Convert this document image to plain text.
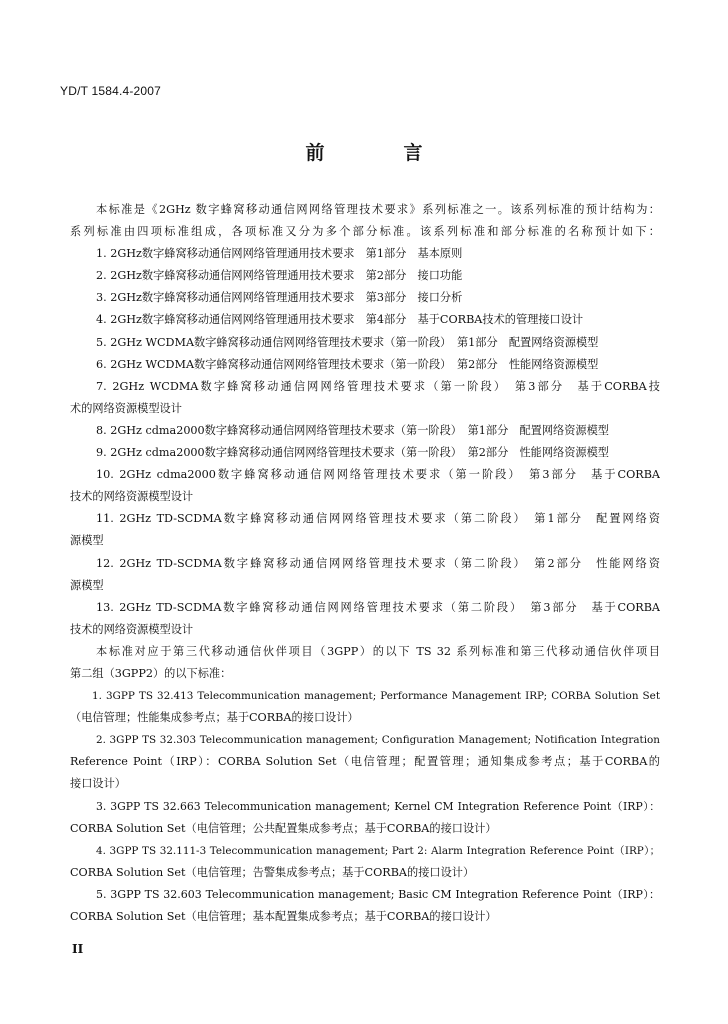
YD/T 1584.4-2007
前　言
本标准是《2GHz 数字蜂窝移动通信网网络管理技术要求》系列标准之一。该系列标准的预计结构为：
系列标准由四项标准组成，各项标准又分为多个部分标准。该系列标准和部分标准的名称预计如下：
1. 2GHz数字蜂窝移动通信网网络管理通用技术要求　第1部分　基本原则
2. 2GHz数字蜂窝移动通信网网络管理通用技术要求　第2部分　接口功能
3. 2GHz数字蜂窝移动通信网网络管理通用技术要求　第3部分　接口分析
4. 2GHz数字蜂窝移动通信网网络管理通用技术要求　第4部分　基于CORBA技术的管理接口设计
5. 2GHz WCDMA数字蜂窝移动通信网网络管理技术要求（第一阶段）　第1部分　配置网络资源模型
6. 2GHz WCDMA数字蜂窝移动通信网网络管理技术要求（第一阶段）　第2部分　性能网络资源模型
7. 2GHz WCDMA数字蜂窝移动通信网网络管理技术要求（第一阶段）　第3部分　基于CORBA技
术的网络资源模型设计
8. 2GHz cdma2000数字蜂窝移动通信网网络管理技术要求（第一阶段）　第1部分　配置网络资源模型
9. 2GHz cdma2000数字蜂窝移动通信网网络管理技术要求（第一阶段）　第2部分　性能网络资源模型
10. 2GHz cdma2000数字蜂窝移动通信网网络管理技术要求（第一阶段）　第3部分　基于CORBA
技术的网络资源模型设计
11. 2GHz TD-SCDMA数字蜂窝移动通信网网络管理技术要求（第二阶段）　第1部分　配置网络资
源模型
12. 2GHz TD-SCDMA数字蜂窝移动通信网网络管理技术要求（第二阶段）　第2部分　性能网络资
源模型
13. 2GHz TD-SCDMA数字蜂窝移动通信网网络管理技术要求（第二阶段）　第3部分　基于CORBA
技术的网络资源模型设计
本标准对应于第三代移动通信伙伴项目（3GPP）的以下 TS 32 系列标准和第三代移动通信伙伴项目
第二组（3GPP2）的以下标准：
1. 3GPP TS 32.413 Telecommunication management; Performance Management IRP; CORBA Solution Set
（电信管理；性能集成参考点；基于CORBA的接口设计）
2. 3GPP TS 32.303 Telecommunication management; Configuration Management; Notification Integration
Reference Point（IRP）：CORBA Solution Set（电信管理；配置管理；通知集成参考点；基于CORBA的
接口设计）
3. 3GPP TS 32.663 Telecommunication management; Kernel CM Integration Reference Point（IRP）：
CORBA Solution Set（电信管理；公共配置集成参考点；基于CORBA的接口设计）
4. 3GPP TS 32.111-3 Telecommunication management; Part 2: Alarm Integration Reference Point（IRP）；
CORBA Solution Set（电信管理；告警集成参考点；基于CORBA的接口设计）
5. 3GPP TS 32.603 Telecommunication management; Basic CM Integration Reference Point（IRP）：
CORBA Solution Set（电信管理；基本配置集成参考点；基于CORBA的接口设计）
II
